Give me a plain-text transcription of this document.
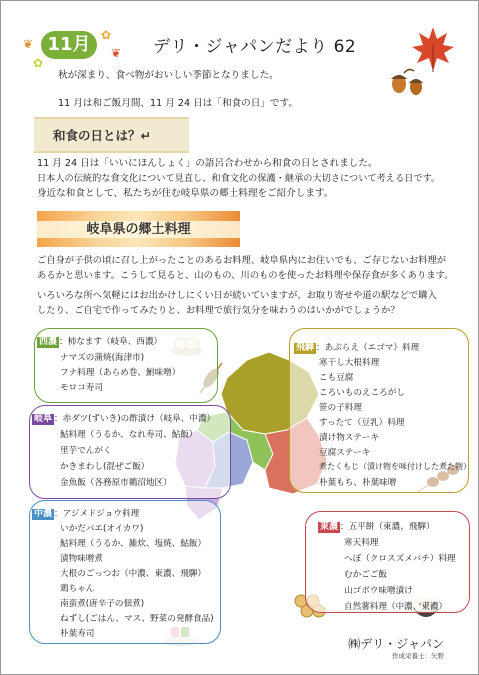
❦
✿
❦
✿
11月	デリ・ジャパンだより 62
秋が深まり、食べ物がおいしい季節となりました。
11 月は和ご飯月間、11 月 24 日は「和食の日」です。
和食の日とは？↵
11 月 24 日は「いいにほんしょく」の語呂合わせから和食の日とされました。
日本人の伝統的な食文化について見直し、和食文化の保護・継承の大切さについて考える日です。
身近な和食として、私たちが住む岐阜県の郷土料理をご紹介します。
岐阜県の郷土料理
ご自身が子供の頃に召し上がったことのあるお料理、岐阜県内にお住いでも、ご存じないお料理が
あるかと思います。こうして見ると、山のもの、川のものを使ったお料理や保存食が多くあります。
いろいろな所へ気軽にはお出かけしにくい日が続いていますが、お取り寄せや道の駅などで購入
したり、ご自宅で作ってみたりと、お料理で旅行気分を味わうのはいかがでしょうか？
西濃 ：柿なます（岐阜、西濃）
ナマズの蒲焼(海津市)
フナ料理（あらめ巻、鮒味噌）
モロコ寿司
岐阜 ：赤ダツ(ずいき)の酢漬け（岐阜、中濃）
鮎料理（うるか、なれ寿司、鮎飯）
里芋でんがく
かきまわし(混ぜご飯）
金魚飯（各務原市鵜沼地区）
中濃 ：アジメドジョウ料理
いかだバエ(オイカワ)
鮎料理（うるか、雑炊、塩焼、鮎飯）
漬物味噌煮
大根のごっつお（中濃、東濃、飛騨）
鶏ちゃん
南蛮煮(唐辛子の佃煮)
ねずし(ごはん、マス、野菜の発酵食品)
朴葉寿司
飛騨 ：あぶらえ（エゴマ）料理
寒干し大根料理
こも豆腐
ころいものえころがし
笹の子料理
すったて（豆乳）料理
漬け物ステーキ
豆腐ステーキ
煮たくもじ（漬け物を味付けした煮た物）
朴葉もち、朴葉味噌
東濃 ：五平餅（東濃、飛騨）
寒天料理
へぼ（クロスズメバチ）料理
むかごご飯
山ゴボウ味噌漬け
自然薯料理（中濃、東濃）
㈱デリ・ジャパン
作成栄養士：矢野
